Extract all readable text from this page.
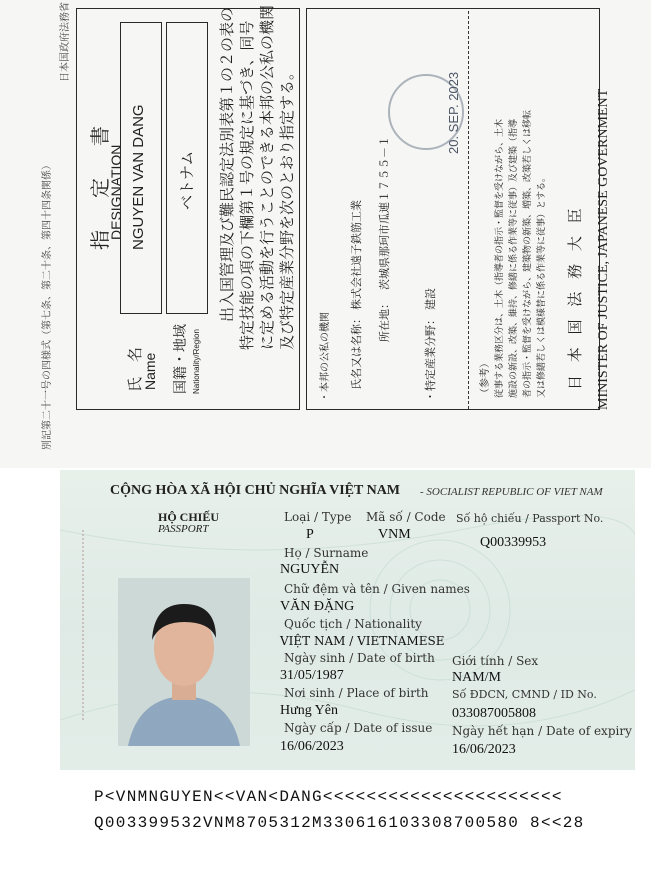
別記第二十一号の四様式（第七条、第二十条、第四十四条関係）
日本国政府法務省
指　定　書
DESIGNATION
氏　名
Name
NGUYEN VAN DANG
国籍・地域 Nationality/Region
ベトナム 出入国管理及び難民認定法別表第１の２の表の 特定技能の項の下欄第１号の規定に基づき、同号 に定める活動を行うことのできる本邦の公私の機関 及び特定産業分野を次のとおり指定する。
・本邦の公私の機関 氏名又は名称：
株式会社遠子鉄筋工業
所在地：
茨城県那珂市瓜連１７５５－１
・特定産業分野：
建設
（参考） 従事する業務区分は、土木（指導者の指示・監督を受けながら、土木 施設の新設、改築、維持、修繕に係る作業等に従事）及び建築（指導 者の指示・監督を受けながら、建築物の新築、増築、改築若しくは移転 又は修繕若しくは模様替に係る作業等に従事）とする。
20. SEP. 2023
日 本 国 法 務 大 臣 MINISTER OF JUSTICE, JAPANESE GOVERNMENT
CỘNG HÒA XÃ HỘI CHỦ NGHĨA VIỆT NAM - SOCIALIST REPUBLIC OF VIET NAM
HỘ CHIẾU
PASSPORT
Loại / Type
P
Mã số / Code
VNM
Số hộ chiếu / Passport No.
Q00339953
Họ / Surname
NGUYỄN
Chữ đệm và tên / Given names
VĂN ĐẶNG
Quốc tịch / Nationality
VIỆT NAM / VIETNAMESE
Ngày sinh / Date of birth
31/05/1987
Giới tính / Sex
NAM/M
Nơi sinh / Place of birth
Hưng Yên
Số ĐDCN, CMND / ID No.
033087005808
Ngày cấp / Date of issue
16/06/2023
Ngày hết hạn / Date of expiry
16/06/2023
P<VNMNGUYEN<<VAN<DANG<<<<<<<<<<<<<<<<<<<<<<
Q003399532VNM8705312M330616103308700580 8<<28
